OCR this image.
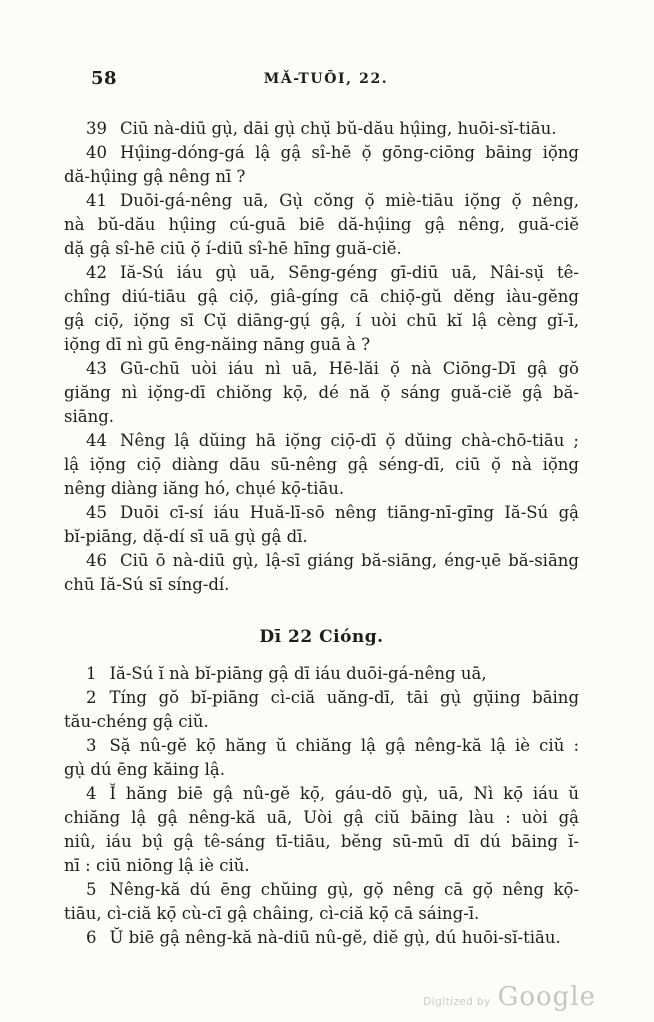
58	MĂ-TUŌI, 22.
39 Ciū nà-diū gụ̀, dāi gụ̀ chụ̆ bŭ-dău hụ̂ing, huōi-sĭ-tiāu.
40 Hụ̂ing-dóng-gá lậ gậ sî-hē ọ̆ gōng-ciōng bāing iọ̆ng
dă-hụ̂ing gậ nêng nī ?
41 Duōi-gá-nêng uā, Gụ̀ cŏng ọ̆ miè-tiāu iọ̆ng ọ̆ nêng,
nà bŭ-dău hụ̂ing cú-guā biē dă-hụ̂ing gậ nêng, guă-ciĕ
dặ gậ sî-hē ciū ọ̆ í-diū sî-hē hīng guă-ciĕ.
42 Iă-Sú iáu gụ̀ uā, Sēng-géng gī-diū uā, Nâi-sụ̆ tê-
chîng diú-tiāu gậ ciọ̄, giâ-gíng cā chiọ̄-gŭ dĕng iàu-gĕng
gậ ciọ̄, iọ̆ng sī Cụ̆ diāng-gụ́ gậ, í uòi chū kĭ lậ cèng gĭ-ī,
iọ̆ng dī nì gū ēng-năing nāng guā à ?
43 Gū-chū uòi iáu nì uā, Hē-lăi ọ̆ nà Ciōng-Dī gậ gŏ
giăng nì iọ̆ng-dī chiŏng kọ̄, dé nă ọ̆ sáng guă-ciĕ gậ bă-
siāng.
44 Nêng lậ dŭing hā iọ̆ng ciọ̄-dī ọ̆ dŭing chà-chō-tiāu ;
lậ iọ̆ng ciọ̄ diàng dāu sū-nêng gậ séng-dī, ciū ọ̆ nà iọ̆ng
nêng diàng iăng hó, chụé kọ̄-tiāu.
45 Duōi cī-sí iáu Huă-lī-sō nêng tiāng-nī-gīng Iă-Sú gậ
bĭ-piāng, dặ-dí sī uā gụ̀ gậ dī.
46 Ciū ō nà-diū gụ̀, lậ-sī giáng bă-siāng, éng-ụē bă-siāng
chū Iă-Sú sī síng-dí.
Dī 22 Cióng.
1 Iă-Sú ĭ nà bĭ-piāng gậ dī iáu duōi-gá-nêng uā,
2 Tíng gŏ bĭ-piāng cì-ciă uăng-dī, tāi gụ̀ gụ̆ing bāing
tău-chéng gậ ciŭ.
3 Sặ nû-gĕ kọ̄ hăng ŭ chiăng lậ gậ nêng-kă lậ iè ciŭ :
gụ̀ dú ēng kăing lậ.
4 Ĭ hăng biē gậ nû-gĕ kọ̄, gáu-dō gụ̀, uā, Nì kọ̄ iáu ŭ
chiăng lậ gậ nêng-kă uā, Uòi gậ ciŭ bāing làu : uòi gậ
niû, iáu bụ̂ gậ tê-sáng tī-tiāu, bĕng sū-mū dī dú bāing ĭ-
nī : ciū niōng lậ iè ciŭ.
5 Nêng-kă dú ēng chŭing gụ̀, gọ̆ nêng cā gọ̆ nêng kọ̄-
tiāu, cì-ciă kọ̄ cù-cī gậ châing, cì-ciă kọ̄ cā sáing-ī.
6 Ŭ biē gậ nêng-kă nà-diū nû-gĕ, diĕ gụ̀, dú huōi-sĭ-tiāu.
Digitized by Google
